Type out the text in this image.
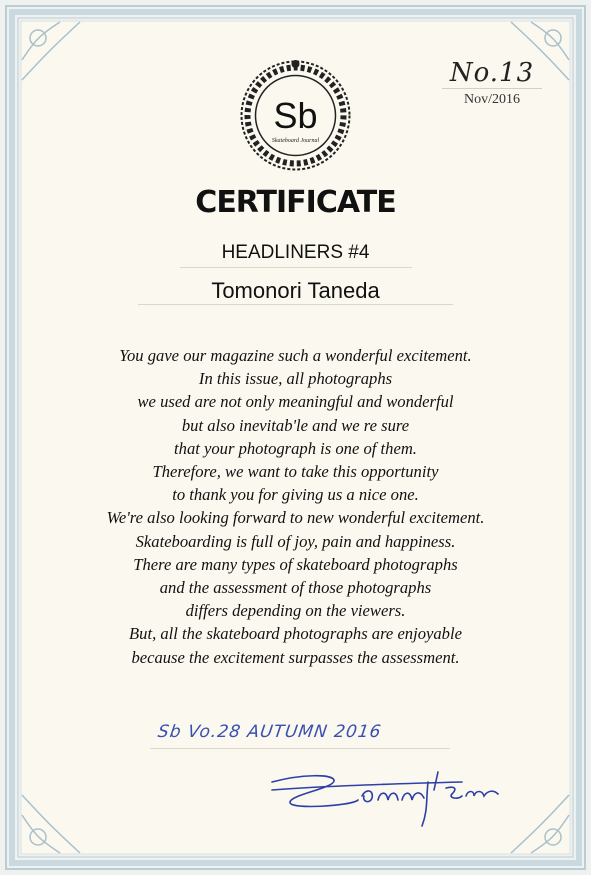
Sb
Skateboard Journal
No.13
Nov/2016
CERTIFICATE
HEADLINERS #4
Tomonori Taneda
You gave our magazine such a wonderful excitement.
In this issue, all photographs
we used are not only meaningful and wonderful
but also inevitab'le and we re sure
that your photograph is one of them.
Therefore, we want to take this opportunity
to thank you for giving us a nice one.
We're also looking forward to new wonderful excitement.
Skateboarding is full of joy, pain and happiness.
There are many types of skateboard photographs
and the assessment of those photographs
differs depending on the viewers.
But, all the skateboard photographs are enjoyable
because the excitement surpasses the assessment.
Sb Vo.28 AUTUMN 2016
